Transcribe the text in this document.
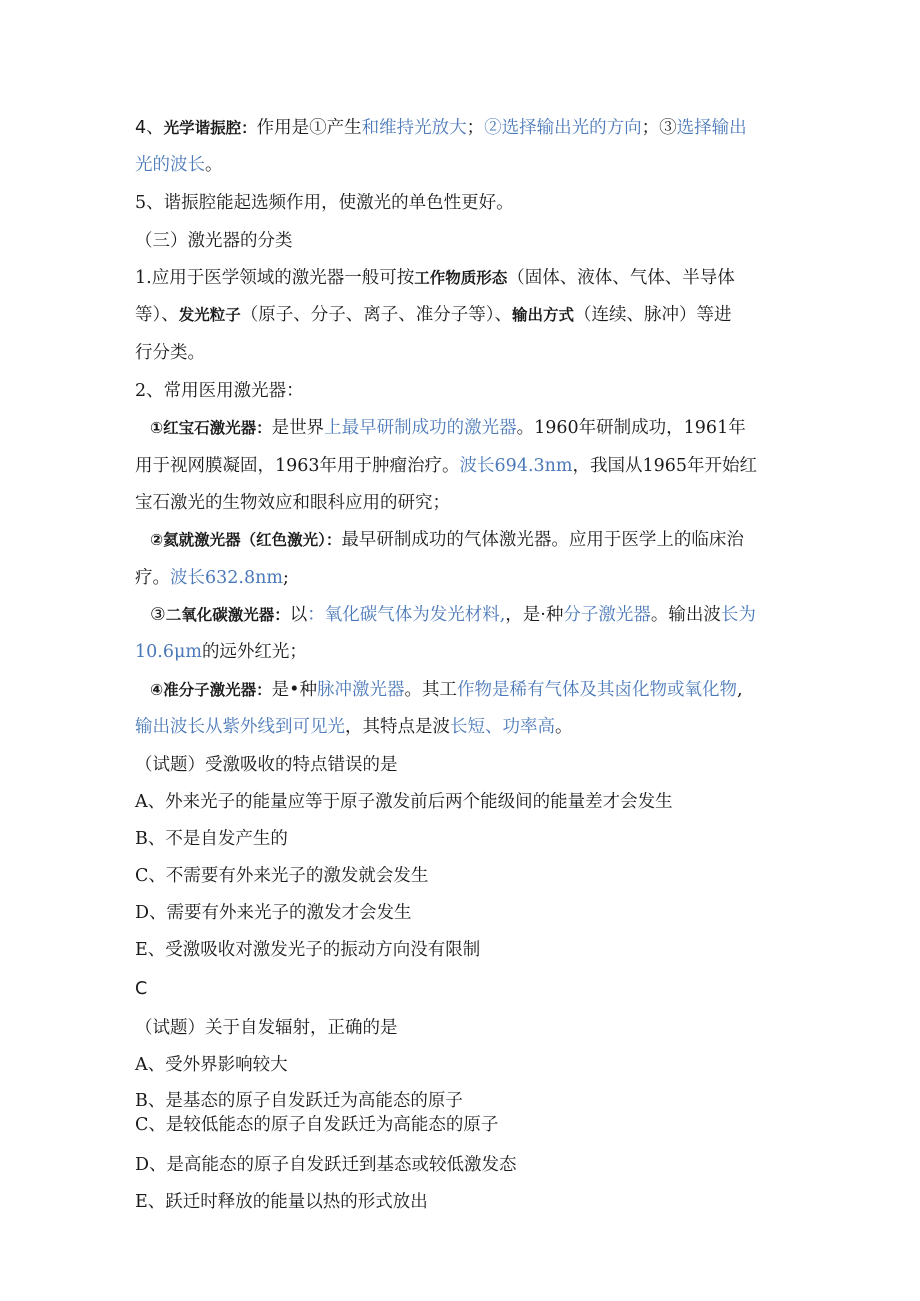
4、光学谐振腔：作用是①产生和维持光放大；②选择输出光的方向；③选择输出
光的波长。
5、谐振腔能起选频作用，使激光的单色性更好。
（三）激光器的分类
1.应用于医学领域的激光器一般可按工作物质形态（固体、液体、气体、半导体
等）、发光粒子（原子、分子、离子、准分子等）、输出方式（连续、脉冲）等进
行分类。
2、常用医用激光器：
①红宝石激光器：是世界上最早研制成功的激光器。1960年研制成功，1961年
用于视网膜凝固，1963年用于肿瘤治疗。波长694.3nm，我国从1965年开始红
宝石激光的生物效应和眼科应用的研究；
②氦就激光器（红色激光）：最早研制成功的气体激光器。应用于医学上的临床治
疗。波长632.8nm;
③二氧化碳激光器：以：氧化碳气体为发光材料,，是·种分子激光器。输出波长为
10.6μm的远外红光；
④准分子激光器：是•种脉冲激光器。其工作物是稀有气体及其卤化物或氧化物,
输出波长从紫外线到可见光，其特点是波长短、功率高。
（试题）受激吸收的特点错误的是
A、外来光子的能量应等于原子激发前后两个能级间的能量差才会发生
B、不是自发产生的
C、不需要有外来光子的激发就会发生
D、需要有外来光子的激发才会发生
E、受激吸收对激发光子的振动方向没有限制
C
（试题）关于自发辐射，正确的是
A、受外界影响较大
B、是基态的原子自发跃迁为高能态的原子
C、是较低能态的原子自发跃迁为高能态的原子
D、是高能态的原子自发跃迁到基态或较低激发态
E、跃迁时释放的能量以热的形式放出
